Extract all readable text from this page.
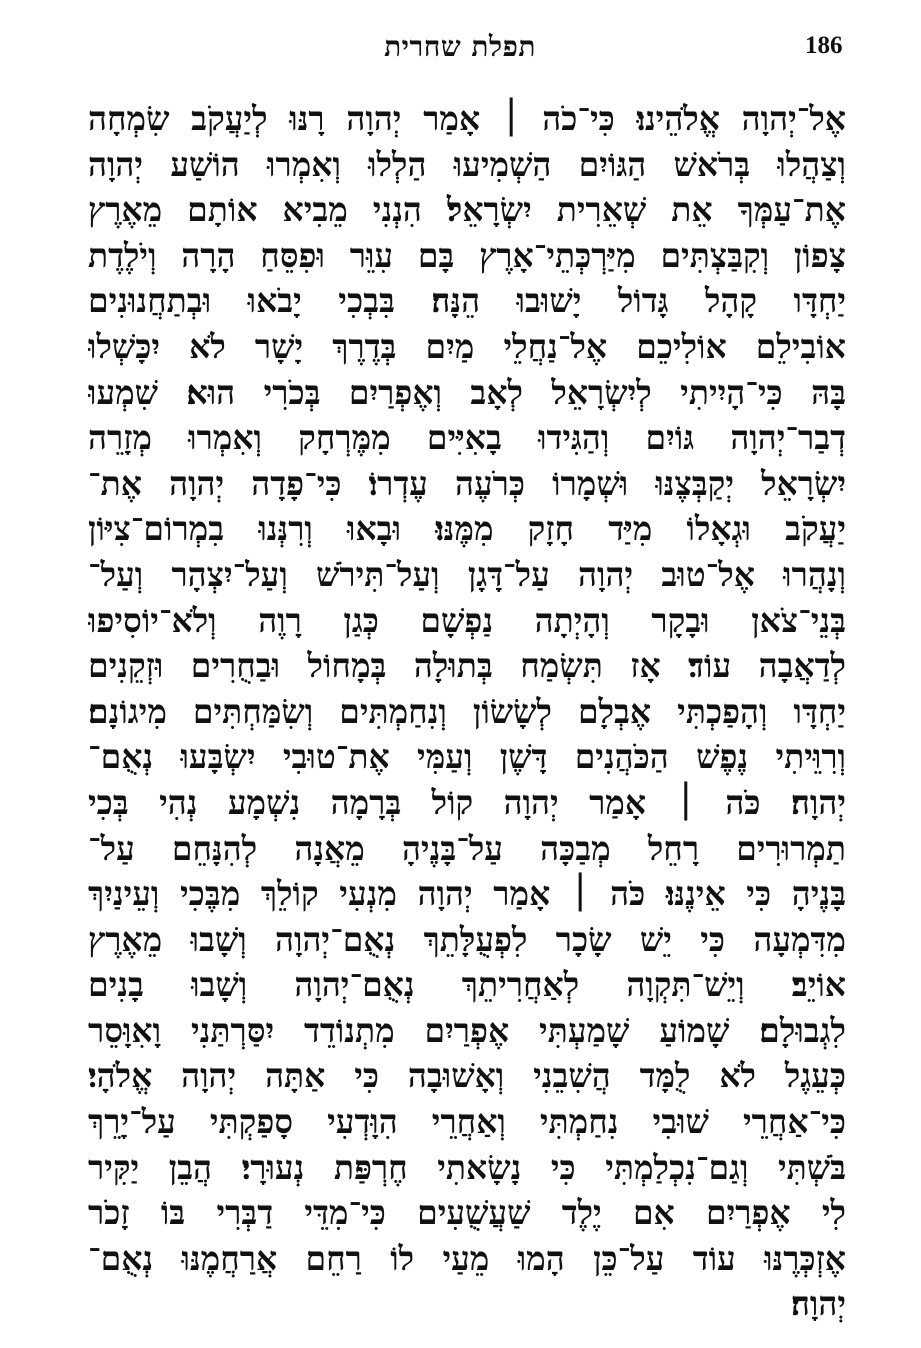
תפלת שחרית	186
אֶל־יְהוָה אֱלֹהֵינוּ׃ כִּי־כֹה ׀ אָמַר יְהוָה רָנּוּ לְיַעֲקֹב שִׂמְחָה
וְצַהֲלוּ בְּרֹאשׁ הַגּוֹיִם הַשְׁמִיעוּ הַלְלוּ וְאִמְרוּ הוֹשַׁע יְהוָה
אֶת־עַמְּךָ אֵת שְׁאֵרִית יִשְׂרָאֵל׃ הִנְנִי מֵבִיא אוֹתָם מֵאֶרֶץ
צָפוֹן וְקִבַּצְתִּים מִיַּרְכְּתֵי־אָרֶץ בָּם עִוֵּר וּפִסֵּחַ הָרָה וְיֹלֶדֶת
יַחְדָּו קָהָל גָּדוֹל יָשׁוּבוּ הֵנָּה׃ בִּבְכִי יָבֹאוּ וּבְתַחֲנוּנִים
אוֹבִילֵם אוֹלִיכֵם אֶל־נַחֲלֵי מַיִם בְּדֶרֶךְ יָשָׁר לֹא יִכָּשְׁלוּ
בָּהּ כִּי־הָיִיתִי לְיִשְׂרָאֵל לְאָב וְאֶפְרַיִם בְּכֹרִי הוּא׃ שִׁמְעוּ
דְבַר־יְהוָה גּוֹיִם וְהַגִּידוּ בָאִיִּים מִמֶּרְחָק וְאִמְרוּ מְזָרֵה
יִשְׂרָאֵל יְקַבְּצֶנּוּ וּשְׁמָרוֹ כְּרֹעֶה עֶדְרוֹ׃ כִּי־פָדָה יְהוָה אֶת־
יַעֲקֹב וּגְאָלוֹ מִיַּד חָזָק מִמֶּנּוּ׃ וּבָאוּ וְרִנְּנוּ בִמְרוֹם־צִיּוֹן
וְנָהֲרוּ אֶל־טוּב יְהוָה עַל־דָּגָן וְעַל־תִּירֹשׁ וְעַל־יִצְהָר וְעַל־
בְּנֵי־צֹאן וּבָקָר וְהָיְתָה נַפְשָׁם כְּגַן רָוֶה וְלֹא־יוֹסִיפוּ
לְדַאֲבָה עוֹד׃ אָז תִּשְׂמַח בְּתוּלָה בְּמָחוֹל וּבַחֻרִים וּזְקֵנִים
יַחְדָּו וְהָפַכְתִּי אֶבְלָם לְשָׂשׂוֹן וְנִחַמְתִּים וְשִׂמַּחְתִּים מִיגוֹנָם׃
וְרִוֵּיתִי נֶפֶשׁ הַכֹּהֲנִים דָּשֶׁן וְעַמִּי אֶת־טוּבִי יִשְׂבָּעוּ נְאֻם־
יְהוָה׃ כֹּה ׀ אָמַר יְהוָה קוֹל בְּרָמָה נִשְׁמָע נְהִי בְּכִי
תַמְרוּרִים רָחֵל מְבַכָּה עַל־בָּנֶיהָ מֵאֲנָה לְהִנָּחֵם עַל־
בָּנֶיהָ כִּי אֵינֶנּוּ׃ כֹּה ׀ אָמַר יְהוָה מִנְעִי קוֹלֵךְ מִבֶּכִי וְעֵינַיִךְ
מִדִּמְעָה כִּי יֵשׁ שָׂכָר לִפְעֻלָּתֵךְ נְאֻם־יְהוָה וְשָׁבוּ מֵאֶרֶץ
אוֹיֵב׃ וְיֵשׁ־תִּקְוָה לְאַחֲרִיתֵךְ נְאֻם־יְהוָה וְשָׁבוּ בָנִים
לִגְבוּלָם׃ שָׁמוֹעַ שָׁמַעְתִּי אֶפְרַיִם מִתְנוֹדֵד יִסַּרְתַּנִי וָאִוָּסֵר
כְּעֵגֶל לֹא לֻמָּד הֲשִׁבֵנִי וְאָשׁוּבָה כִּי אַתָּה יְהוָה אֱלֹהָי׃
כִּי־אַחֲרֵי שׁוּבִי נִחַמְתִּי וְאַחֲרֵי הִוָּדְעִי סָפַקְתִּי עַל־יָרֵךְ
בֹּשְׁתִּי וְגַם־נִכְלַמְתִּי כִּי נָשָׂאתִי חֶרְפַּת נְעוּרָי׃ הֲבֵן יַקִּיר
לִי אֶפְרַיִם אִם יֶלֶד שַׁעֲשֻׁעִים כִּי־מִדֵּי דַבְּרִי בּוֹ זָכֹר
אֶזְכְּרֶנּוּ עוֹד עַל־כֵּן הָמוּ מֵעַי לוֹ רַחֵם אֲרַחֲמֶנּוּ נְאֻם־
יְהוָה׃
